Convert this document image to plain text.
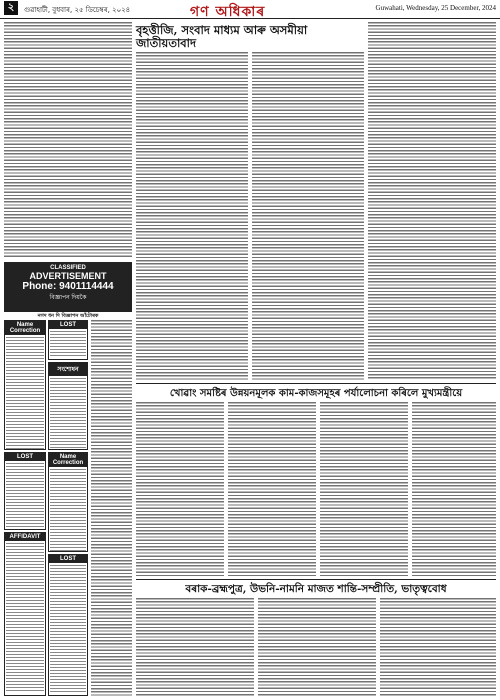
২	গুৱাহাটী, বুধবাৰ, ২৫ ডিচেম্বৰ, ২০২৪	গণ অধিকাৰ	Guwahati, Wednesday, 25 December, 2024
বৃহত্তীজি, সংবাদ মাধ্যম আৰু অসমীয়া জাতীয়তাবাদ
CLASSIFIED
ADVERTISEMENT
Phone: 9401114444
বিজ্ঞাপন দিয়কৈ
নগদ ধন দি বিজ্ঞাপন আঁটোৰক
Name Correction
LOST
সংশোধন
LOST	Name Correction
AFFIDAVIT
LOST
খোৱাং সমষ্টিৰ উন্নয়নমূলক কাম-কাজসমূহৰ পৰ্যালোচনা কৰিলে মুখ্যমন্ত্ৰীয়ে
বৰাক-ব্ৰহ্মপুত্ৰ, উভনি-নামনি মাজত শান্তি-সম্প্ৰীতি, ভাতৃত্ববোধ
